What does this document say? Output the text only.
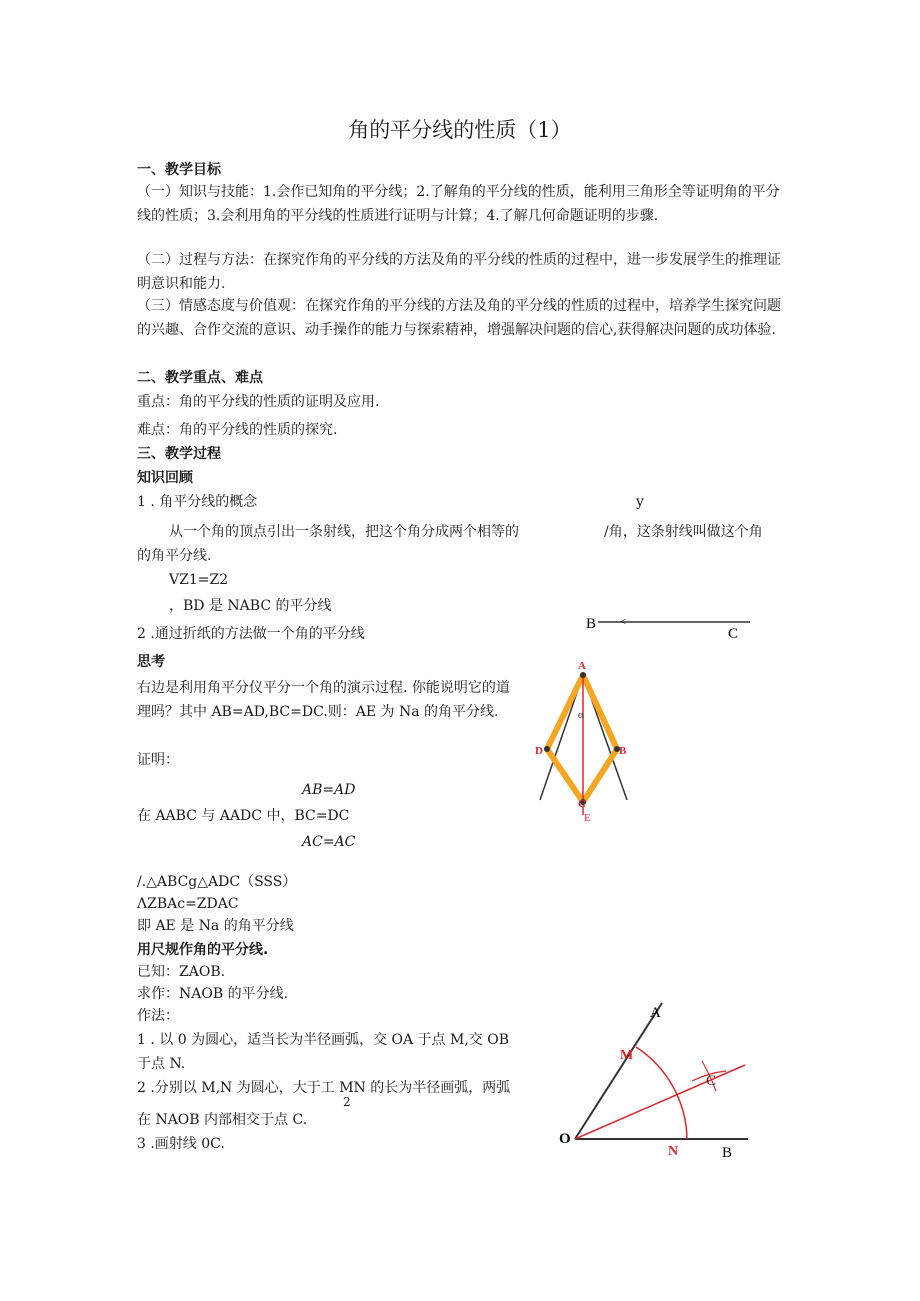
角的平分线的性质（1）
一、教学目标
（一）知识与技能：1.会作已知角的平分线；2.了解角的平分线的性质，能利用三角形全等证明角的平分线的性质；3.会利用角的平分线的性质进行证明与计算；4.了解几何命题证明的步骤.
（二）过程与方法：在探究作角的平分线的方法及角的平分线的性质的过程中，进一步发展学生的推理证明意识和能力.
（三）情感态度与价值观：在探究作角的平分线的方法及角的平分线的性质的过程中，培养学生探究问题的兴趣、合作交流的意识、动手操作的能力与探索精神，增强解决问题的信心,获得解决问题的成功体验.
二、教学重点、难点
重点：角的平分线的性质的证明及应用.
难点：角的平分线的性质的探究.
三、教学过程
知识回顾
1 . 角平分线的概念	y
从一个角的顶点引出一条射线，把这个角分成两个相等的	/角，这条射线叫做这个角
的角平分线.
VZ1=Z2
，BD 是 NABC 的平分线
2 .通过折纸的方法做一个角的平分线
思考
右边是利用角平分仪平分一个角的演示过程. 你能说明它的道理吗？其中 AB=AD,BC=DC.则：AE 为 Na 的角平分线.
证明：
AB=AD
在 AABC 与 AADC 中，BC=DC
AC=AC
/.△ABCg△ADC（SSS）
ΛZBAc=ZDAC
即 AE 是 Na 的角平分线
用尺规作角的平分线.
已知：ZAOB.
求作：NAOB 的平分线.
作法：
1 . 以 0 为圆心，适当长为半径画弧，交 OA 于点 M,交 OB
于点 N.
2 .分别以 M,N 为圆心，大于工 MN 的长为半径画弧，两弧
2
在 NAOB 内部相交于点 C.
3 .画射线 0C.
B
C
<
A
D	B
C
E
α
A
M
C
O
N	B
